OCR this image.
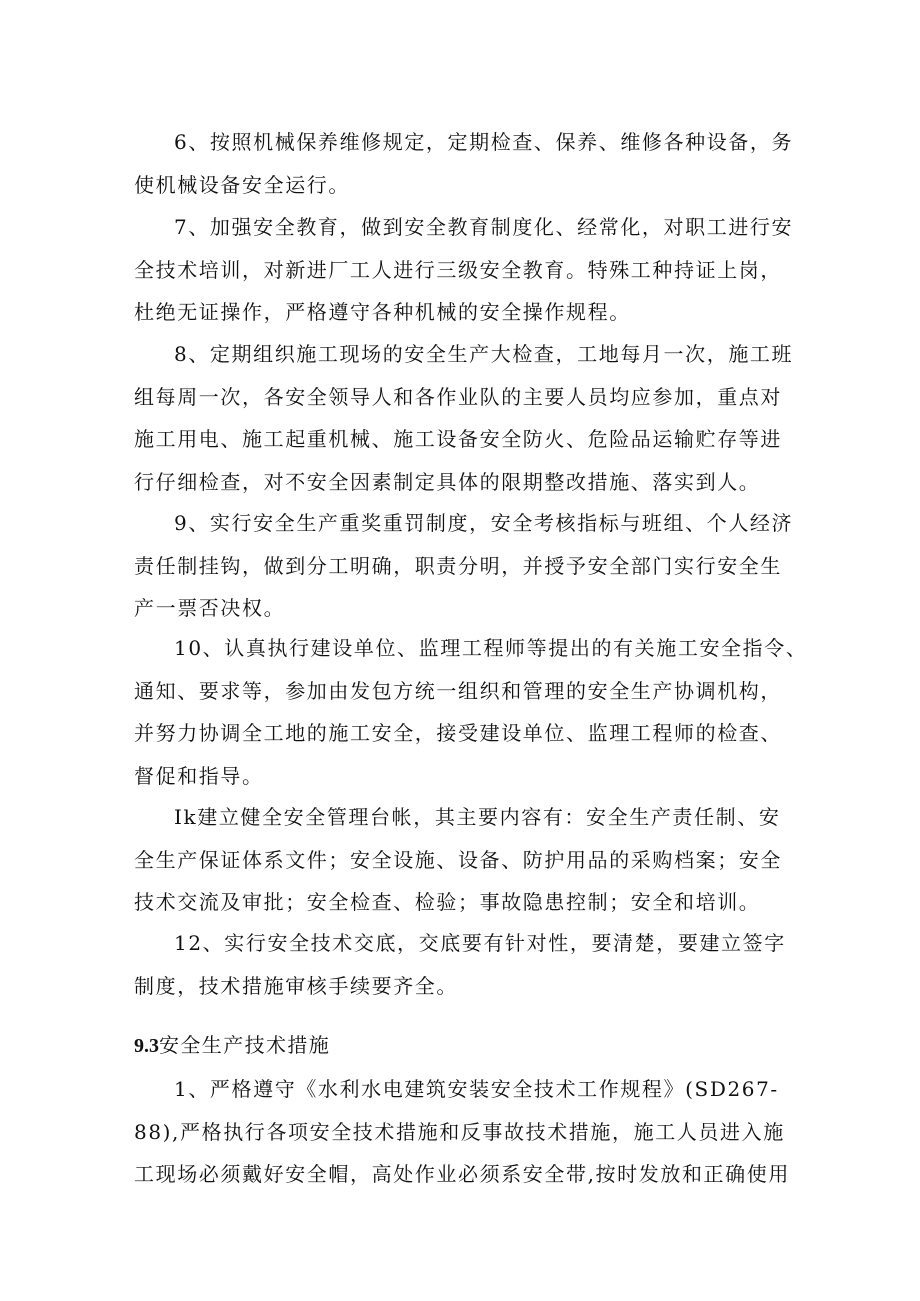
6、按照机械保养维修规定，定期检查、保养、维修各种设备，务
使机械设备安全运行。
7、加强安全教育，做到安全教育制度化、经常化，对职工进行安
全技术培训，对新进厂工人进行三级安全教育。特殊工种持证上岗，
杜绝无证操作，严格遵守各种机械的安全操作规程。
8、定期组织施工现场的安全生产大检查，工地每月一次，施工班
组每周一次，各安全领导人和各作业队的主要人员均应参加，重点对
施工用电、施工起重机械、施工设备安全防火、危险品运输贮存等进
行仔细检查，对不安全因素制定具体的限期整改措施、落实到人。
9、实行安全生产重奖重罚制度，安全考核指标与班组、个人经济
责任制挂钩，做到分工明确，职责分明，并授予安全部门实行安全生
产一票否决权。
10、认真执行建设单位、监理工程师等提出的有关施工安全指令、
通知、要求等，参加由发包方统一组织和管理的安全生产协调机构，
并努力协调全工地的施工安全，接受建设单位、监理工程师的检查、
督促和指导。
Ik建立健全安全管理台帐，其主要内容有：安全生产责任制、安
全生产保证体系文件；安全设施、设备、防护用品的采购档案；安全
技术交流及审批；安全检查、检验；事故隐患控制；安全和培训。
12、实行安全技术交底，交底要有针对性，要清楚，要建立签字
制度，技术措施审核手续要齐全。
9.3安全生产技术措施
1、严格遵守《水利水电建筑安装安全技术工作规程》(SD267-
88),严格执行各项安全技术措施和反事故技术措施，施工人员进入施
工现场必须戴好安全帽，高处作业必须系安全带,按时发放和正确使用
